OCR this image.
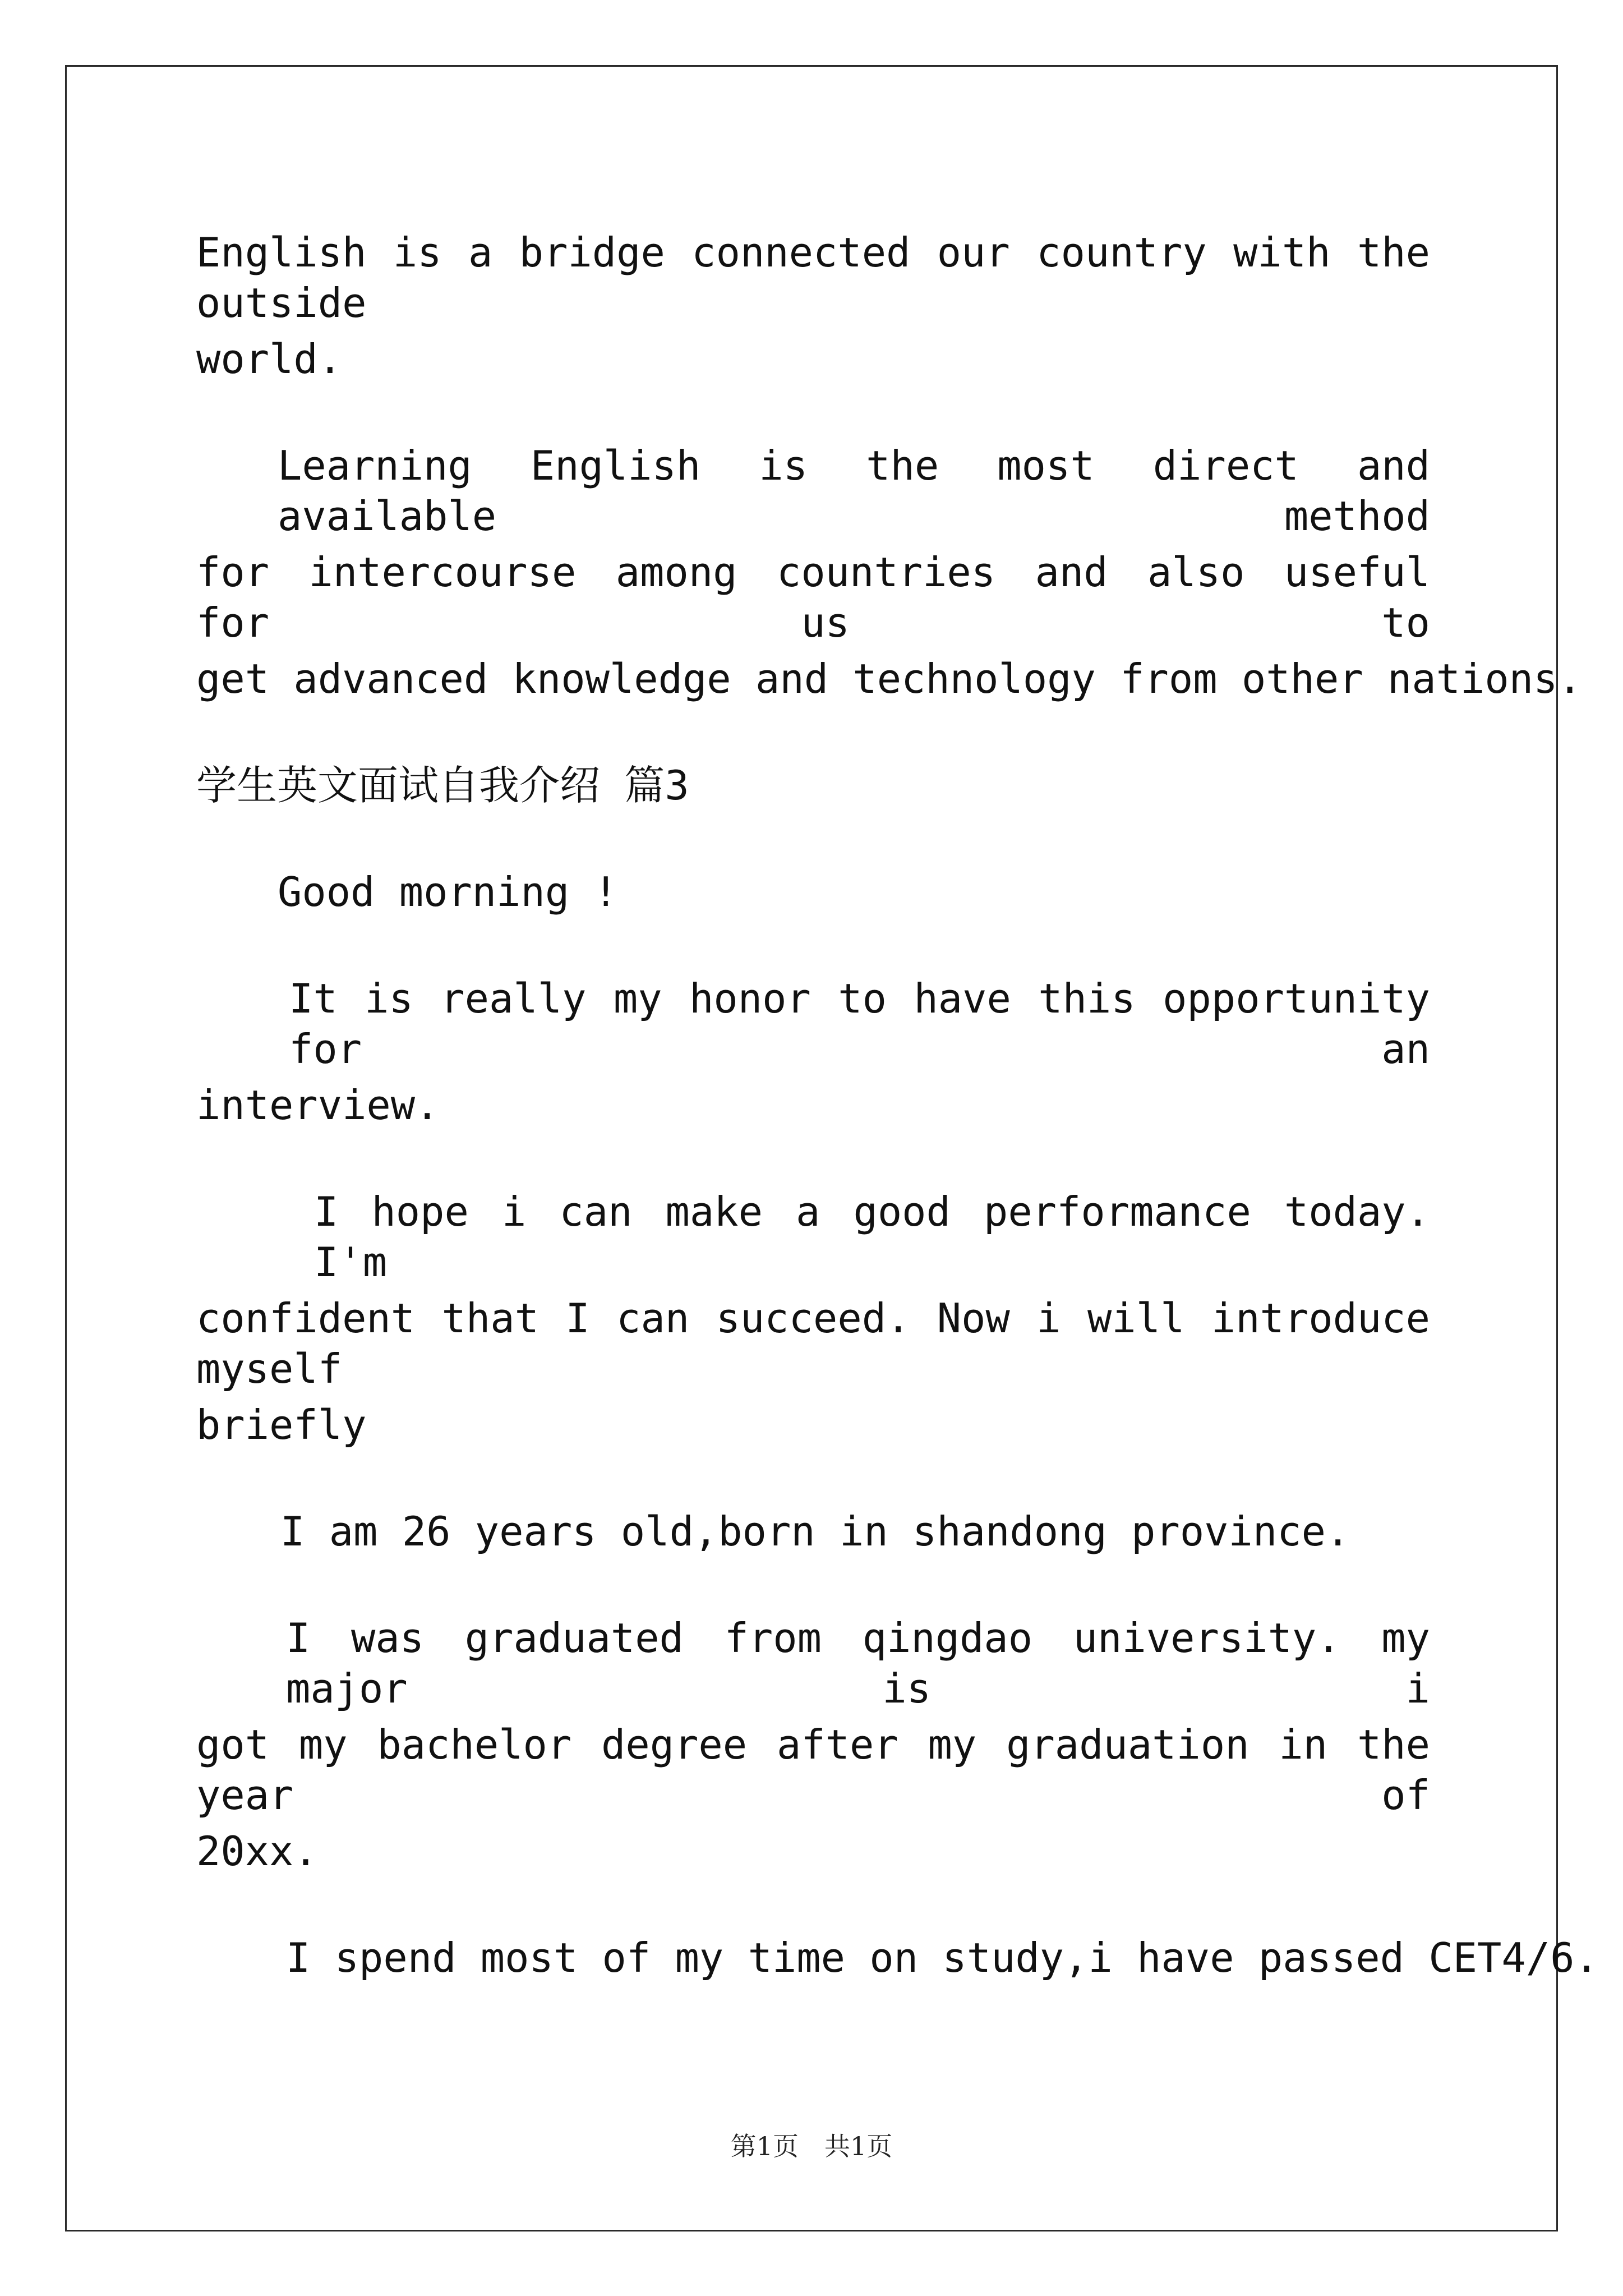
English is a bridge connected our country with the outside
world.
Learning English is the most direct and available method
for intercourse among countries and also useful for us to
get advanced knowledge and technology from other nations.
学生英文面试自我介绍 篇3
Good morning !
It is really my honor to have this opportunity for an
interview.
I hope i can make a good performance today. I'm
confident that I can succeed. Now i will introduce myself
briefly
I am 26 years old,born in shandong province.
I was graduated from qingdao university. my major is i
got my bachelor degree after my graduation in the year of
20xx.
I spend most of my time on study,i have passed CET4/6.
第1页　共1页
